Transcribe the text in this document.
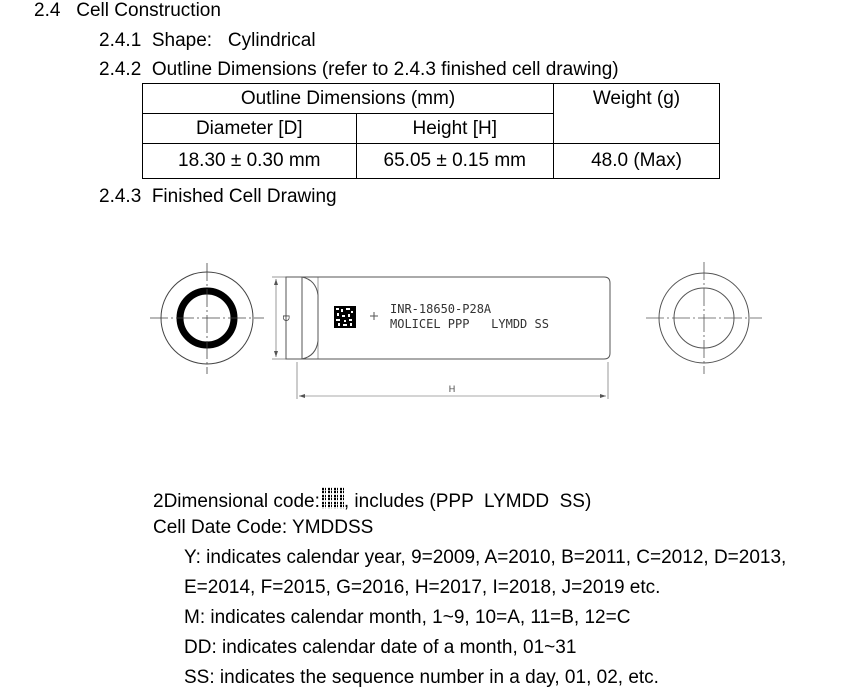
2.4 Cell Construction
2.4.1 Shape: Cylindrical
2.4.2 Outline Dimensions (refer to 2.4.3 finished cell drawing)
Outline Dimensions (mm)		Weight (g)
Diameter [D]	Height [H]	
18.30 ± 0.30 mm	65.05 ± 0.15 mm	48.0 (Max)
2.4.3 Finished Cell Drawing
INR-18650-P28A
MOLICEL PPP   LYMDD SS
D
H
2Dimensional code: , includes (PPP  LYMDD  SS)
Cell Date Code: YMDDSS
Y: indicates calendar year, 9=2009, A=2010, B=2011, C=2012, D=2013,
E=2014, F=2015, G=2016, H=2017, I=2018, J=2019 etc.
M: indicates calendar month, 1~9, 10=A, 11=B, 12=C
DD: indicates calendar date of a month, 01~31
SS: indicates the sequence number in a day, 01, 02, etc.
